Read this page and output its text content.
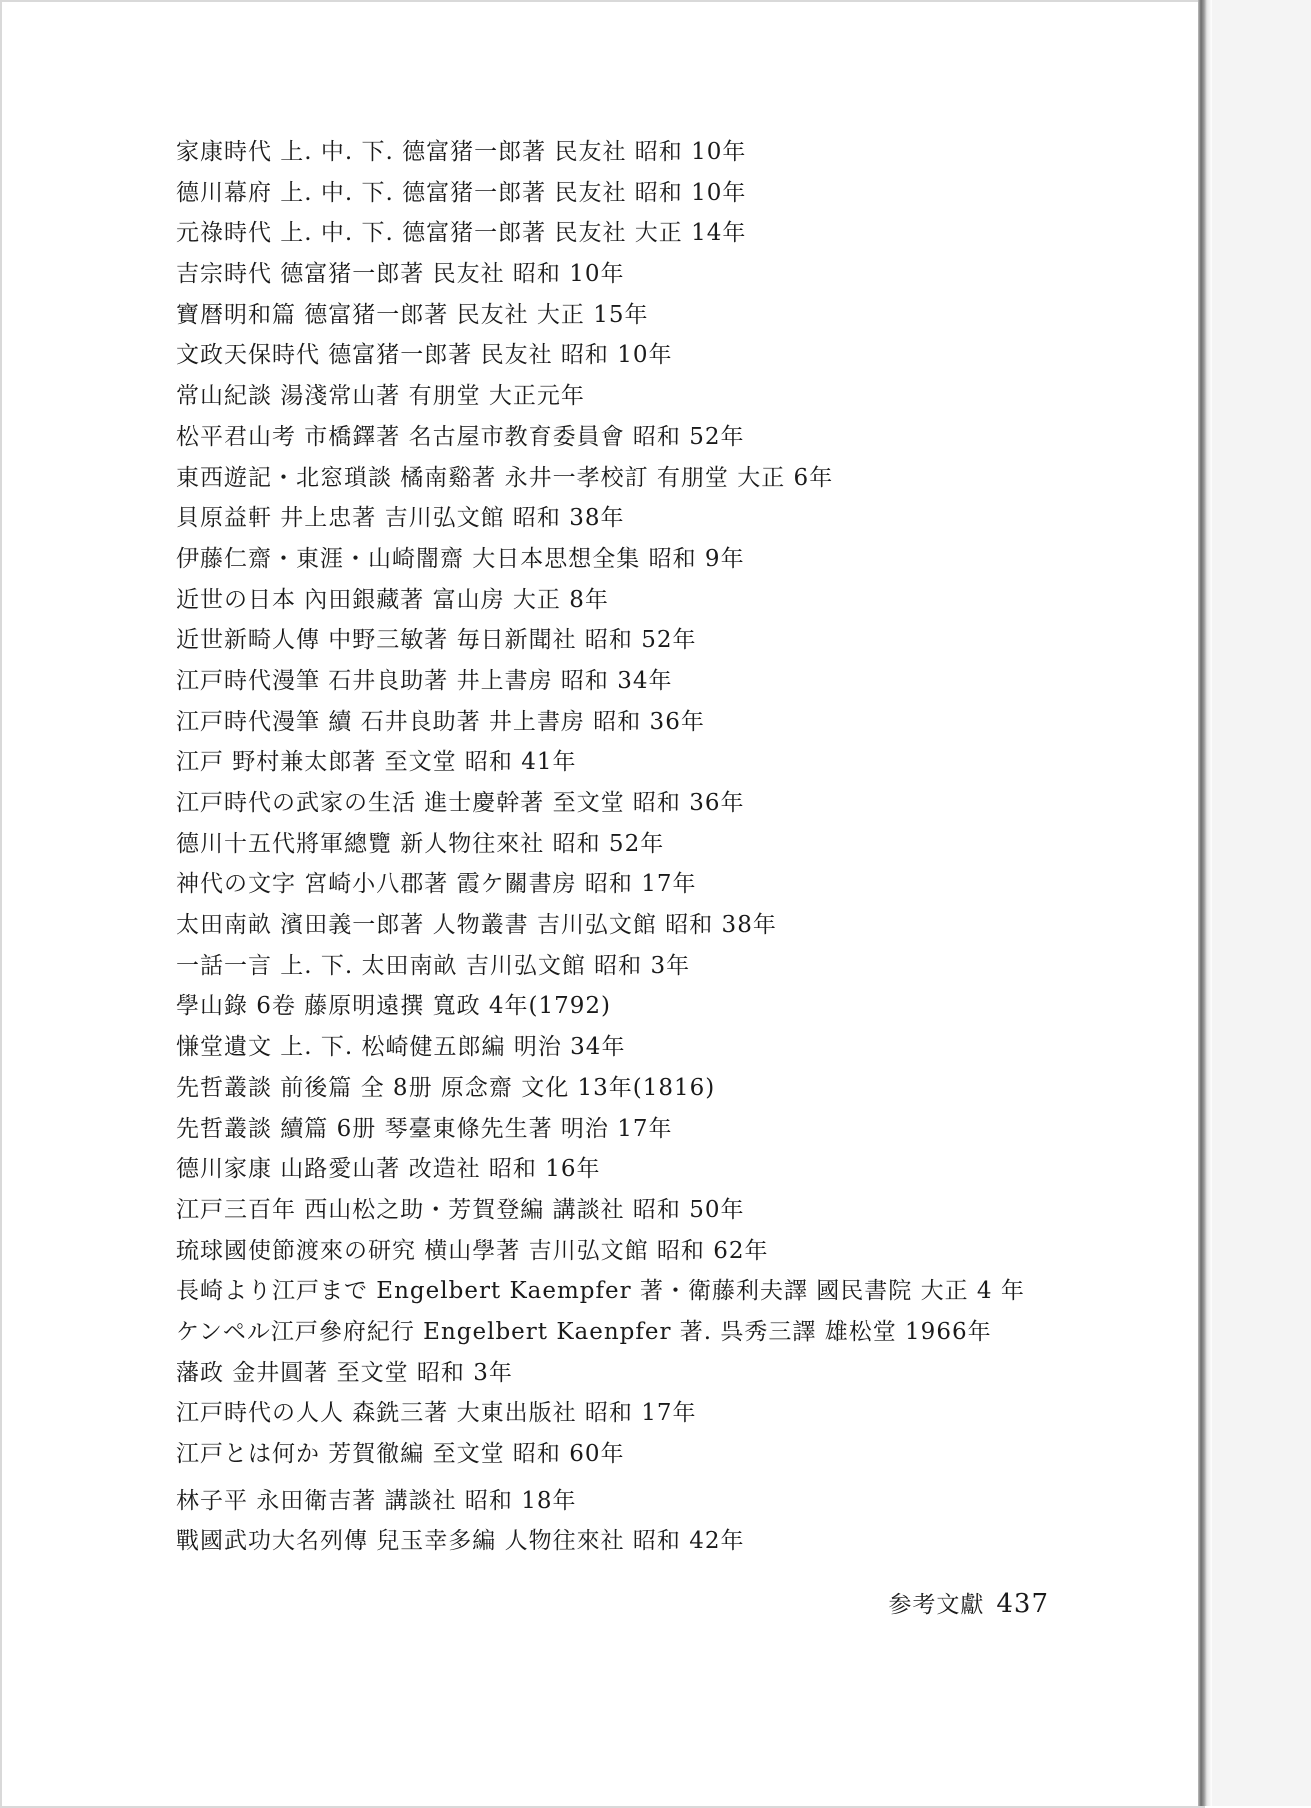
家康時代 上. 中. 下. 德富猪一郎著 民友社 昭和 10年
德川幕府 上. 中. 下. 德富猪一郎著 民友社 昭和 10年
元祿時代 上. 中. 下. 德富猪一郎著 民友社 大正 14年
吉宗時代 德富猪一郎著 民友社 昭和 10年
寶暦明和篇 德富猪一郎著 民友社 大正 15年
文政天保時代 德富猪一郎著 民友社 昭和 10年
常山紀談 湯淺常山著 有朋堂 大正元年
松平君山考 市橋鐸著 名古屋市教育委員會 昭和 52年
東西遊記・北窓瑣談 橘南谿著 永井一孝校訂 有朋堂 大正 6年
貝原益軒 井上忠著 吉川弘文館 昭和 38年
伊藤仁齋・東涯・山崎闇齋 大日本思想全集 昭和 9年
近世の日本 內田銀藏著 富山房 大正 8年
近世新畸人傳 中野三敏著 毎日新聞社 昭和 52年
江戸時代漫筆 石井良助著 井上書房 昭和 34年
江戸時代漫筆 續 石井良助著 井上書房 昭和 36年
江戸 野村兼太郎著 至文堂 昭和 41年
江戸時代の武家の生活 進士慶幹著 至文堂 昭和 36年
德川十五代將軍總覽 新人物往來社 昭和 52年
神代の文字 宮崎小八郡著 霞ケ關書房 昭和 17年
太田南畝 濱田義一郎著 人物叢書 吉川弘文館 昭和 38年
一話一言 上. 下. 太田南畝 吉川弘文館 昭和 3年
學山錄 6卷 藤原明遠撰 寬政 4年(1792)
慊堂遺文 上. 下. 松崎健五郎編 明治 34年
先哲叢談 前後篇 全 8册 原念齋 文化 13年(1816)
先哲叢談 續篇 6册 琴臺東條先生著 明治 17年
德川家康 山路愛山著 改造社 昭和 16年
江戸三百年 西山松之助・芳賀登編 講談社 昭和 50年
琉球國使節渡來の研究 横山學著 吉川弘文館 昭和 62年
長崎より江戸まで Engelbert Kaempfer 著・衛藤利夫譯 國民書院 大正 4 年
ケンペル江戸參府紀行 Engelbert Kaenpfer 著. 呉秀三譯 雄松堂 1966年
藩政 金井圓著 至文堂 昭和 3年
江戸時代の人人 森銑三著 大東出版社 昭和 17年
江戸とは何か 芳賀徹編 至文堂 昭和 60年
林子平 永田衛吉著 講談社 昭和 18年
戰國武功大名列傳 兒玉幸多編 人物往來社 昭和 42年
参考文獻 437
